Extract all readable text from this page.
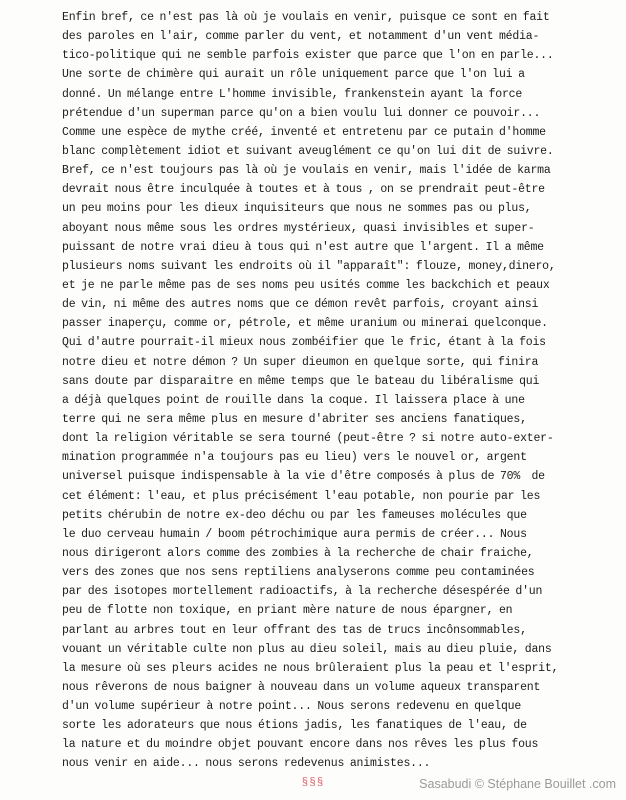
Enfin bref, ce n'est pas là où je voulais en venir, puisque ce sont en fait
des paroles en l'air, comme parler du vent, et notamment d'un vent média-
tico-politique qui ne semble parfois exister que parce que l'on en parle...
Une sorte de chimère qui aurait un rôle uniquement parce que l'on lui a
donné. Un mélange entre L'homme invisible, frankenstein ayant la force
prétendue d'un superman parce qu'on a bien voulu lui donner ce pouvoir...
Comme une espèce de mythe créé, inventé et entretenu par ce putain d'homme
blanc complètement idiot et suivant aveuglément ce qu'on lui dit de suivre.
Bref, ce n'est toujours pas là où je voulais en venir, mais l'idée de karma
devrait nous être inculquée à toutes et à tous , on se prendrait peut-être
un peu moins pour les dieux inquisiteurs que nous ne sommes pas ou plus,
aboyant nous même sous les ordres mystérieux, quasi invisibles et super-
puissant de notre vrai dieu à tous qui n'est autre que l'argent. Il a même
plusieurs noms suivant les endroits où il "apparaît": flouze, money,dinero,
et je ne parle même pas de ses noms peu usités comme les backchich et peaux
de vin, ni même des autres noms que ce démon revêt parfois, croyant ainsi
passer inaperçu, comme or, pétrole, et même uranium ou minerai quelconque.
Qui d'autre pourrait-il mieux nous zombéifier que le fric, étant à la fois
notre dieu et notre démon ? Un super dieumon en quelque sorte, qui finira
sans doute par disparaitre en même temps que le bateau du libéralisme qui
a déjà quelques point de rouille dans la coque. Il laissera place à une
terre qui ne sera même plus en mesure d'abriter ses anciens fanatiques,
dont la religion véritable se sera tourné (peut-être ? si notre auto-exter-
mination programmée n'a toujours pas eu lieu) vers le nouvel or, argent
universel puisque indispensable à la vie d'être composés à plus de 70%  de
cet élément: l'eau, et plus précisément l'eau potable, non pourie par les
petits chérubin de notre ex-deo déchu ou par les fameuses molécules que
le duo cerveau humain / boom pétrochimique aura permis de créer... Nous
nous dirigeront alors comme des zombies à la recherche de chair fraiche,
vers des zones que nos sens reptiliens analyserons comme peu contaminées
par des isotopes mortellement radioactifs, à la recherche désespérée d'un
peu de flotte non toxique, en priant mère nature de nous épargner, en
parlant au arbres tout en leur offrant des tas de trucs incônsommables,
vouant un véritable culte non plus au dieu soleil, mais au dieu pluie, dans
la mesure où ses pleurs acides ne nous brûleraient plus la peau et l'esprit,
nous rêverons de nous baigner à nouveau dans un volume aqueux transparent
d'un volume supérieur à notre point... Nous serons redevenu en quelque
sorte les adorateurs que nous étions jadis, les fanatiques de l'eau, de
la nature et du moindre objet pouvant encore dans nos rêves les plus fous
nous venir en aide... nous serons redevenus animistes...
§§§	Sasabudi © Stéphane Bouillet .com
